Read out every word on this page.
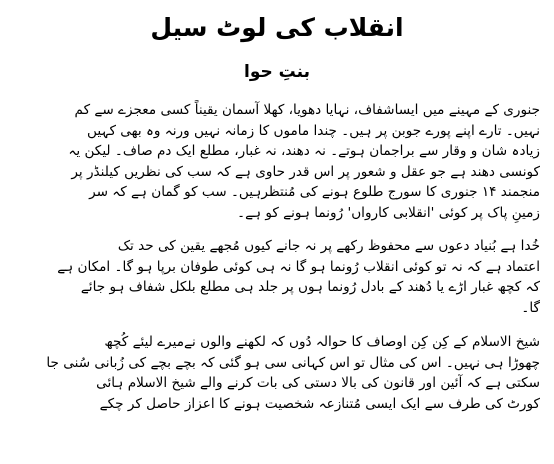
انقلاب کی لوٹ سیل
بنتِ حوا

جنوری کے مہینے میں ایساشفاف، نہایا دھویا، کھلا آسمان یقیناً کسی معجزے سے کم
نہیں۔ تارے اپنے پورے جوبن پر ہیں۔ چندا ماموں کا زمانہ نہیں ورنہ وہ بھی کہیں
زیادہ شان و وقار سے براجمان ہوتے۔ نہ دھند، نہ غبار، مطلع ایک دم صاف۔ لیکن یہ
کونسی دھند ہے جو عقل و شعور پر اس قدر حاوی ہے کہ سب کی نظریں کیلنڈر پر
منجمند ۱۴ جنوری کا سورج طلوع ہونے کی مُنتظرہیں۔ سب کو گمان ہے کہ سر
زمینِ پاک پر کوئی 'انقلابی کارواں' رُونما ہونے کو ہے۔

خُدا ہے بُنیاد دعوں سے محفوظ رکھے پر نہ جانے کیوں مُجھے یقین کی حد تک
اعتماد ہے کہ نہ تو کوئی انقلاب رُونما ہو گا نہ ہی کوئی طوفان برپا ہو گا۔ امکان ہے
کہ کچھ غبار اڑے یا دُھند کے بادل رُونما ہوں پر جلد ہی مطلع بلکل شفاف ہو جائے
گا۔

شیخ الاسلام کے کِن کِن اوصاف کا حوالہ دُوں کہ لکھنے والوں نےمیرے لیئے کُچھ
چھوڑا ہی نہیں۔ اس کی مثال تو اس کہانی سی ہو گئی کہ بچے بچے کی زُبانی سُنی جا
سکتی ہے کہ آئین اور قانون کی بالا دستی کی بات کرنے والے شیخ الاسلام ہائی
کورٹ کی طرف سے ایک ایسی مُتنازعہ شخصیت ہونے کا اعزاز حاصل کر چکے
